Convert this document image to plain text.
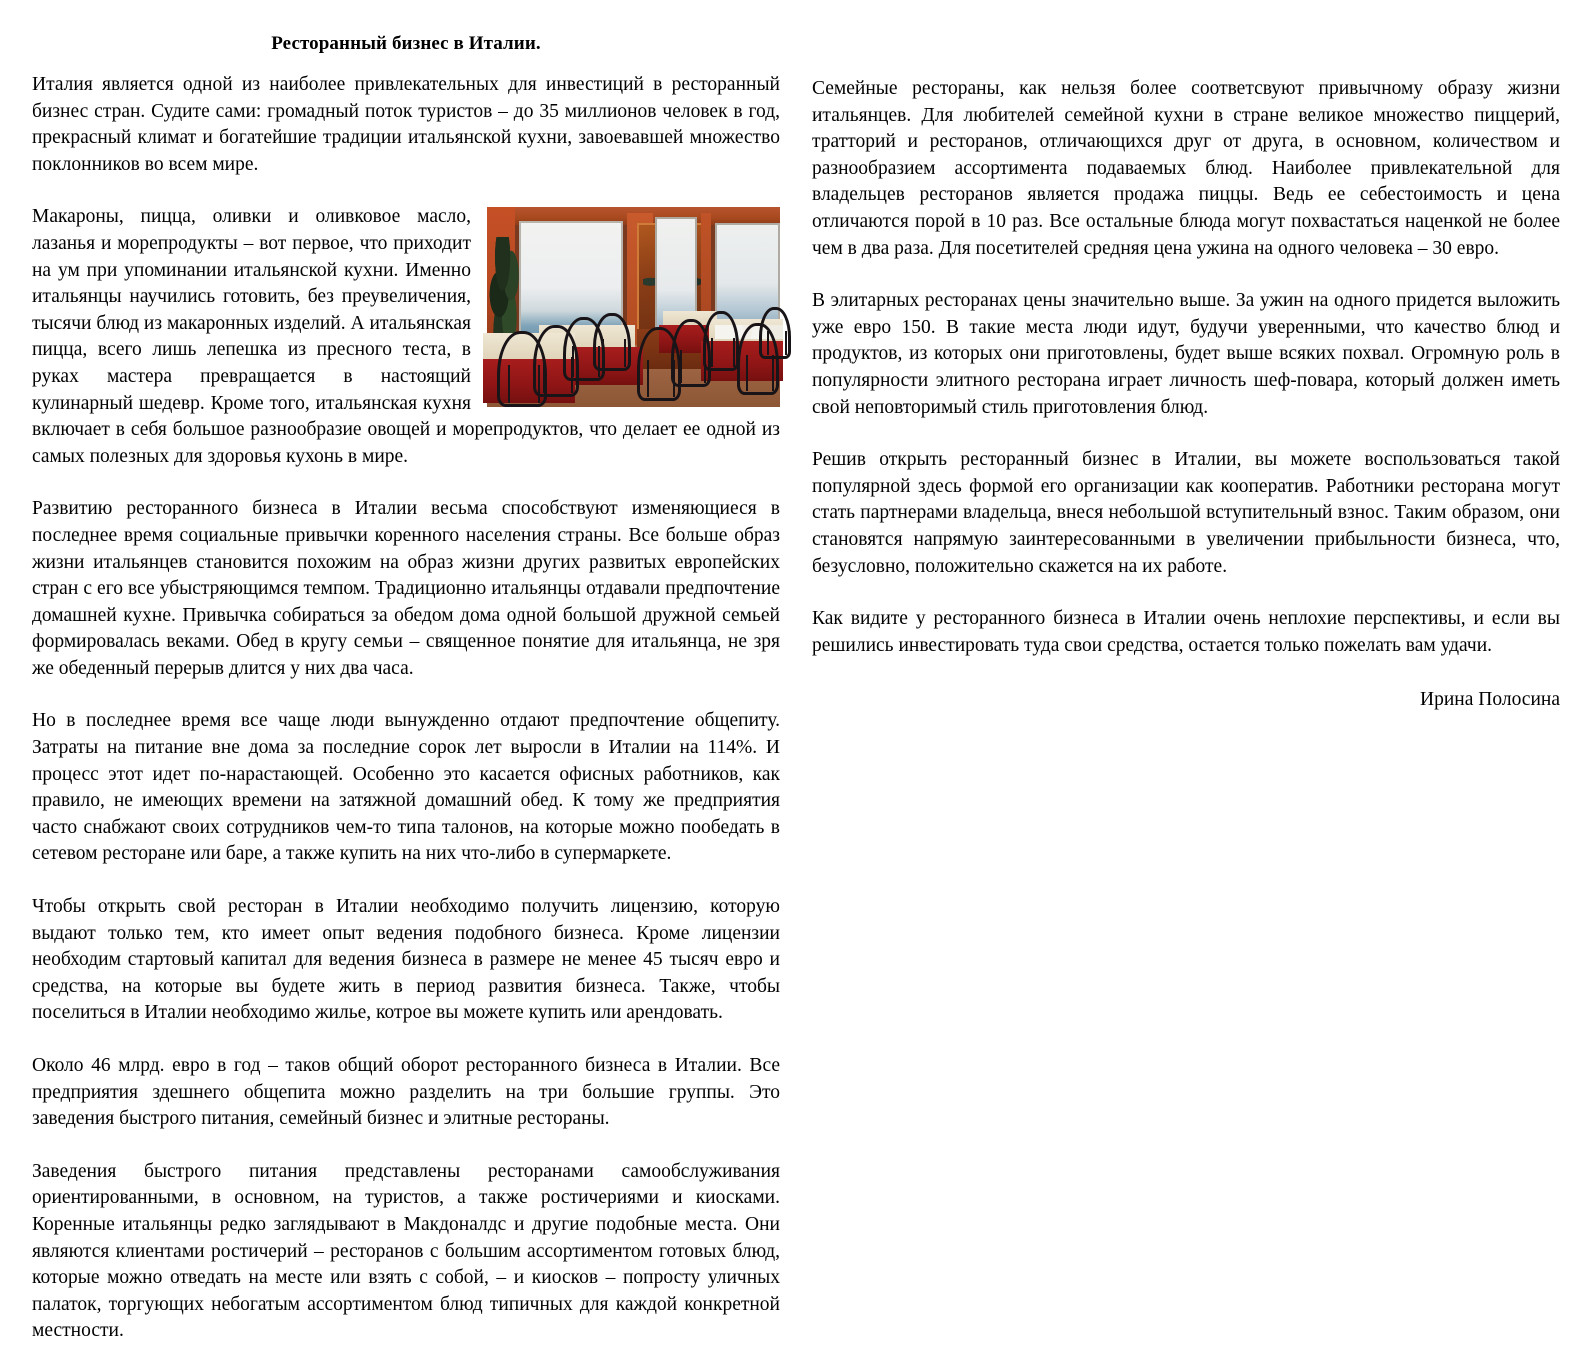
Ресторанный бизнес в Италии.

Италия является одной из наиболее привлекательных для инвестиций в ресторанный бизнес стран. Судите сами: громадный поток туристов – до 35 миллионов человек в год, прекрасный климат и богатейшие традиции итальянской кухни, завоевавшей множество поклонников во всем мире.

Макароны, пицца, оливки и оливковое масло, лазанья и морепродукты – вот первое, что приходит на ум при упоминании итальянской кухни. Именно итальянцы научились готовить, без преувеличения, тысячи блюд из макаронных изделий. А итальянская пицца, всего лишь лепешка из пресного теста, в руках мастера превращается в настоящий кулинарный шедевр. Кроме того, итальянская кухня включает в себя большое разнообразие овощей и морепродуктов, что делает ее одной из самых полезных для здоровья кухонь в мире.

Развитию ресторанного бизнеса в Италии весьма способствуют изменяющиеся в последнее время социальные привычки коренного населения страны. Все больше образ жизни итальянцев становится похожим на образ жизни других развитых европейских стран с его все убыстряющимся темпом. Традиционно итальянцы отдавали предпочтение домашней кухне. Привычка собираться за обедом дома одной большой дружной семьей формировалась веками. Обед в кругу семьи – священное понятие для итальянца, не зря же обеденный перерыв длится у них два часа.

Но в последнее время все чаще люди вынужденно отдают предпочтение общепиту. Затраты на питание вне дома за последние сорок лет выросли в Италии на 114%. И процесс этот идет по-нарастающей. Особенно это касается офисных работников, как правило, не имеющих времени на затяжной домашний обед. К тому же предприятия часто снабжают своих сотрудников чем-то типа талонов, на которые можно пообедать в сетевом ресторане или баре, а также купить на них что-либо в супермаркете.

Чтобы открыть свой ресторан в Италии необходимо получить лицензию, которую выдают только тем, кто имеет опыт ведения подобного бизнеса. Кроме лицензии необходим стартовый капитал для ведения бизнеса в размере не менее 45 тысяч евро и средства, на которые вы будете жить в период развития бизнеса. Также, чтобы поселиться в Италии необходимо жилье, котрое вы можете купить или арендовать.

Около 46 млрд. евро в год – таков общий оборот ресторанного бизнеса в Италии. Все предприятия здешнего общепита можно разделить на три большие группы. Это заведения быстрого питания, семейный бизнес и элитные рестораны.

Заведения быстрого питания представлены ресторанами самообслуживания ориентированными, в основном, на туристов, а также ростичериями и киосками. Коренные итальянцы редко заглядывают в Макдоналдс и другие подобные места. Они являются клиентами ростичерий – ресторанов с большим ассортиментом готовых блюд, которые можно отведать на месте или взять с собой, – и киосков – попросту уличных палаток, торгующих небогатым ассортиментом блюд типичных для каждой конкретной местности.

Семейные рестораны, как нельзя более соответсвуют привычному образу жизни итальянцев. Для любителей семейной кухни в стране великое множество пиццерий, тратторий и ресторанов, отличающихся друг от друга, в основном, количеством и разнообразием ассортимента подаваемых блюд. Наиболее привлекательной для владельцев ресторанов является продажа пиццы. Ведь ее себестоимость и цена отличаются порой в 10 раз. Все остальные блюда могут похвастаться наценкой не более чем в два раза. Для посетителей средняя цена ужина на одного человека – 30 евро.

В элитарных ресторанах цены значительно выше. За ужин на одного придется выложить уже евро 150. В такие места люди идут, будучи уверенными, что качество блюд и продуктов, из которых они приготовлены, будет выше всяких похвал. Огромную роль в популярности элитного ресторана играет личность шеф-повара, который должен иметь свой неповторимый стиль приготовления блюд.

Решив открыть ресторанный бизнес в Италии, вы можете воспользоваться такой популярной здесь формой его организации как кооператив. Работники ресторана могут стать партнерами владельца, внеся небольшой вступительный взнос. Таким образом, они становятся напрямую заинтересованными в увеличении прибыльности бизнеса, что, безусловно, положительно скажется на их работе.

Как видите у ресторанного бизнеса в Италии очень неплохие перспективы, и если вы решились инвестировать туда свои средства, остается только пожелать вам удачи.

Ирина Полосина
